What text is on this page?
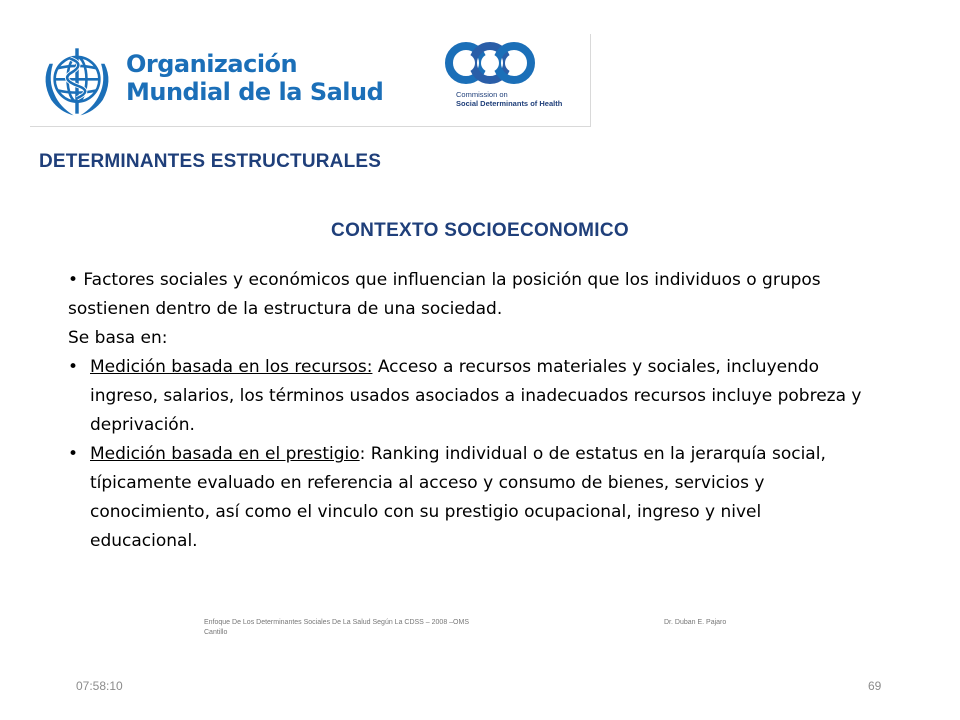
Organización
Mundial de la Salud	Commission on
Social Determinants of Health
DETERMINANTES ESTRUCTURALES
CONTEXTO SOCIOECONOMICO

• Factores sociales y económicos que influencian la posición que los individuos o grupos sostienen dentro de la estructura de una sociedad.

Se basa en:

• Medición basada en los recursos: Acceso a recursos materiales y sociales, incluyendo ingreso, salarios, los términos usados asociados a inadecuados recursos incluye pobreza y deprivación.
• Medición basada en el prestigio: Ranking individual o de estatus en la jerarquía social, típicamente evaluado en referencia al acceso y consumo de bienes, servicios y conocimiento, así como el vinculo con su prestigio ocupacional, ingreso y nivel educacional.
Enfoque De Los Determinantes Sociales De La Salud Según La CDSS – 2008 –OMS
Cantillo
Dr. Duban E. Pajaro
07:58:10	69
